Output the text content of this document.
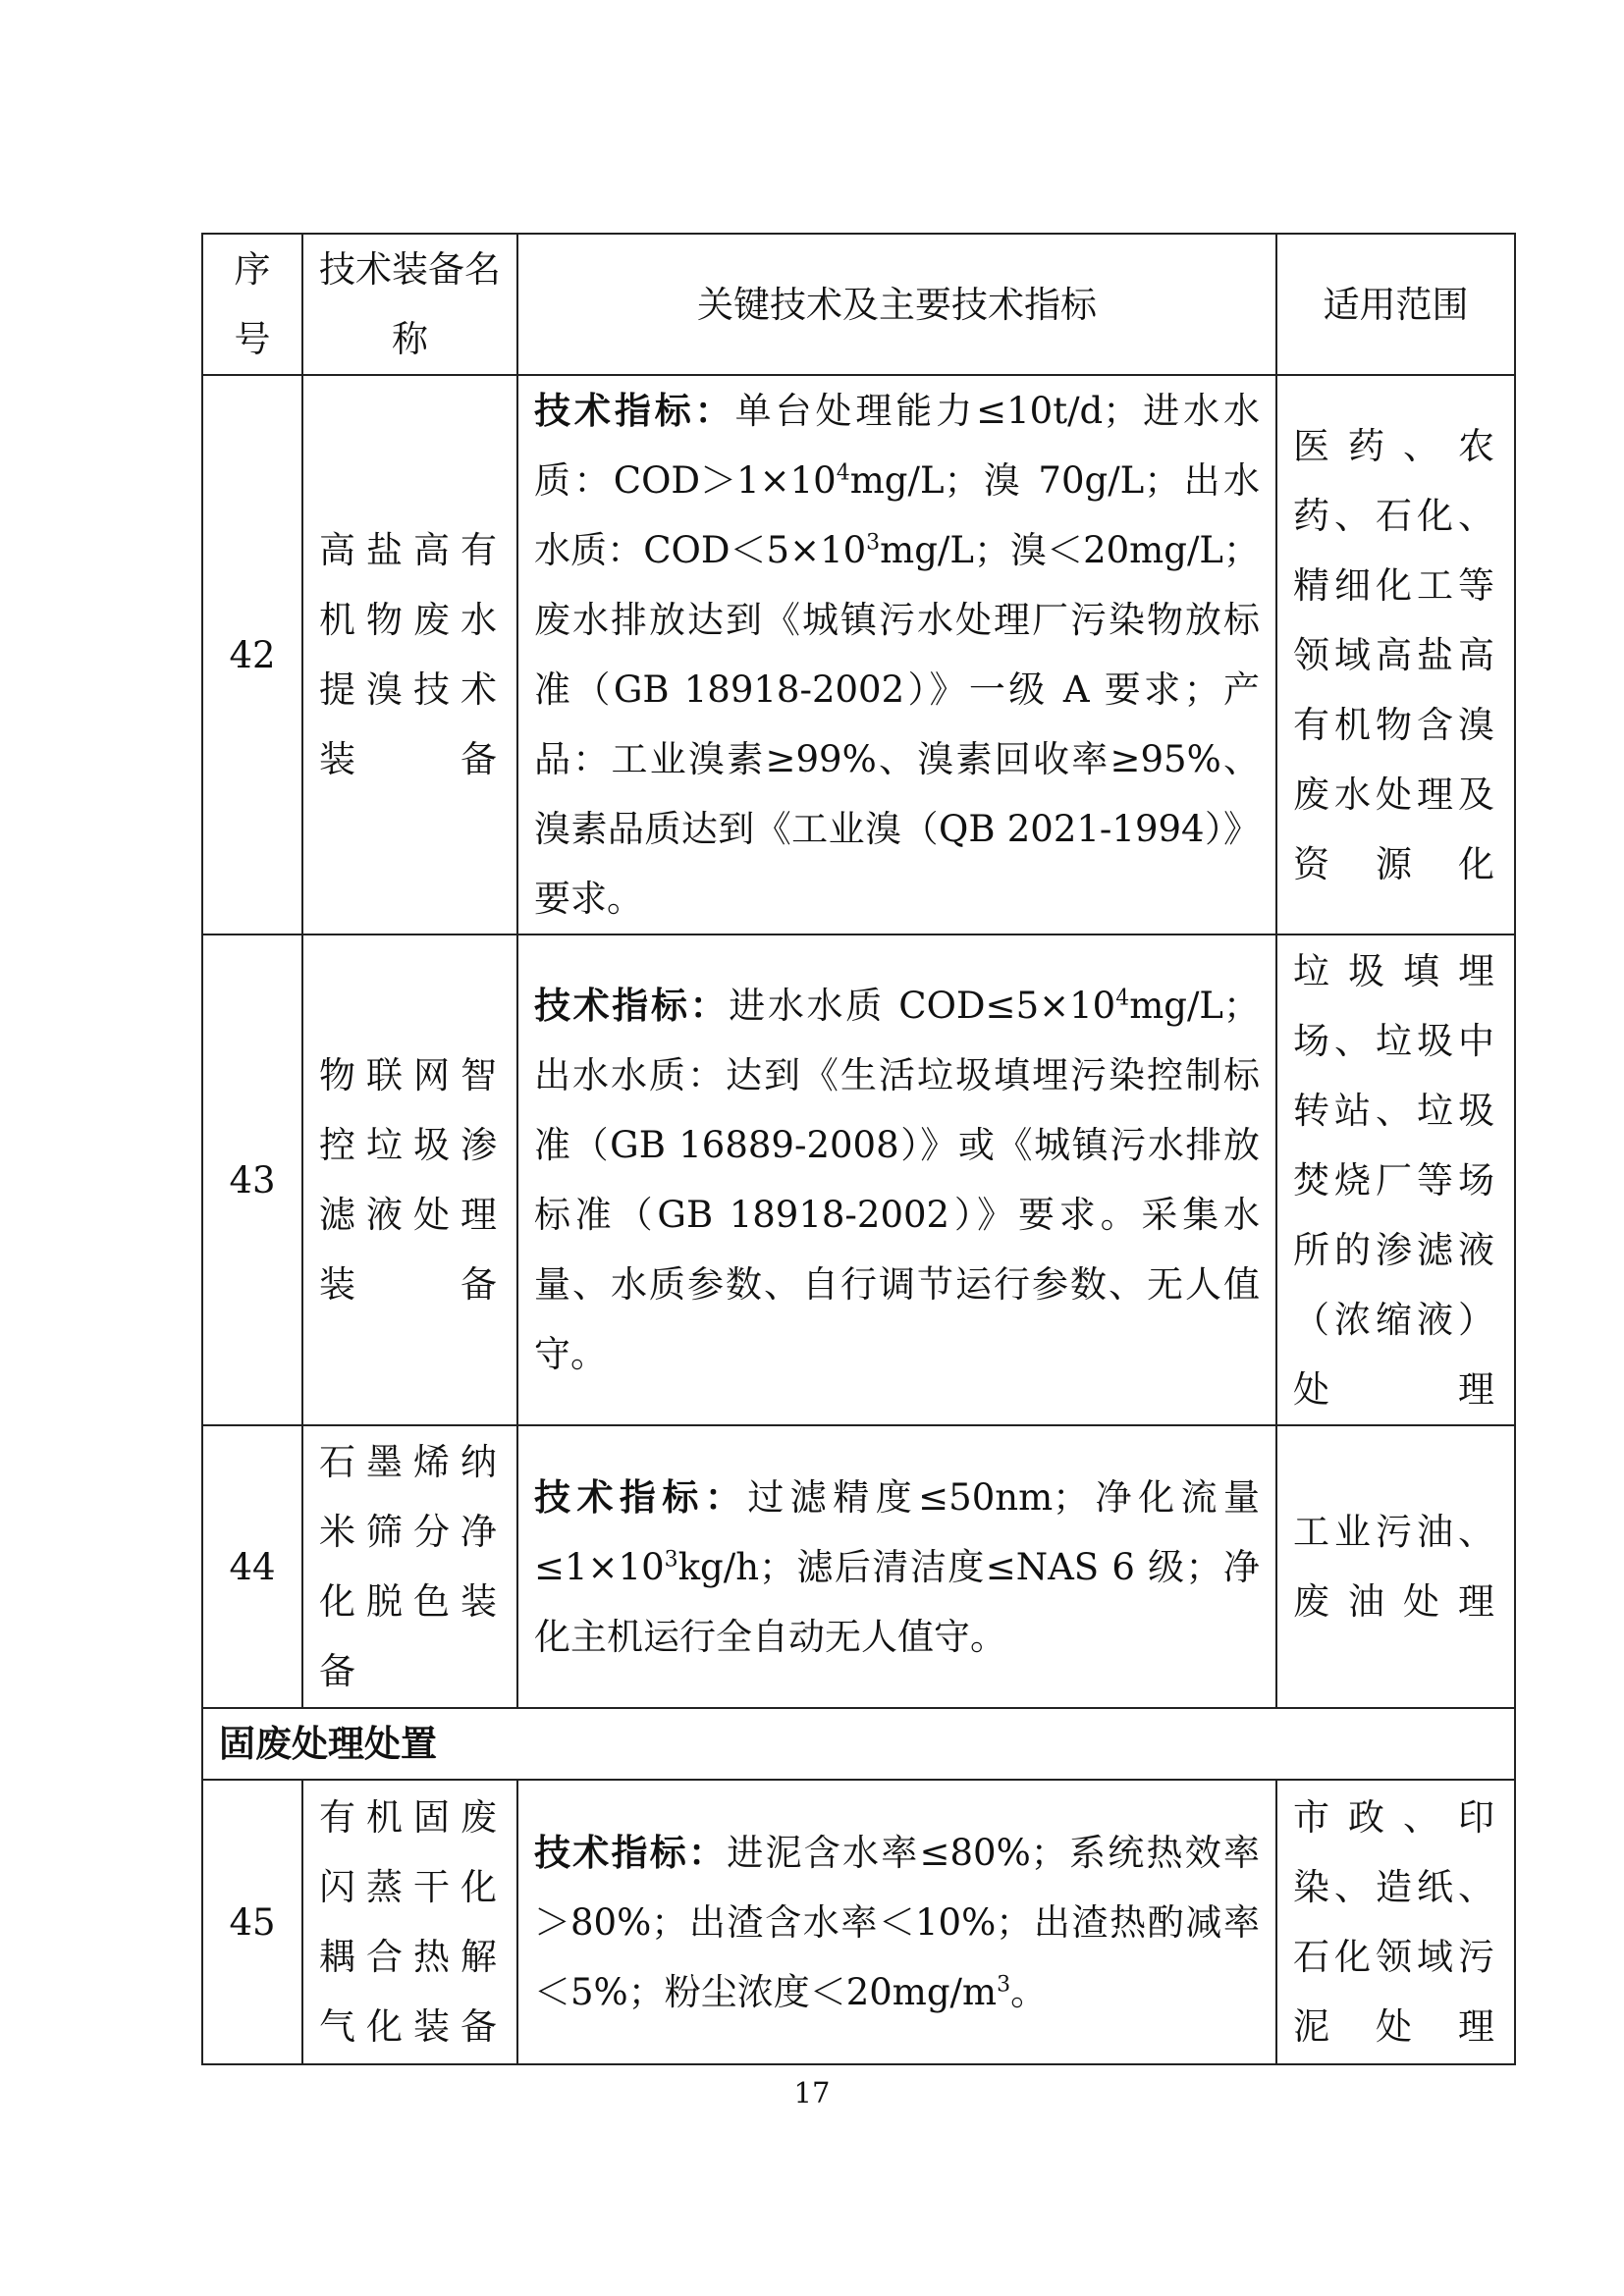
序号	技术装备名称	关键技术及主要技术指标	适用范围
42	高盐高有机物废水提溴技术装备	技术指标：单台处理能力≤10t/d；进水水质：$COD>1\times 10^4mg/L$；溴 70g/L；出水水质：$COD<5\times 10^3mg/L$；溴＜20mg/L；废水排放达到《城镇污水处理厂污染物放标准（GB 18918-2002）》一级 A 要求；产品：工业溴素≥99%、溴素回收率≥95%、溴素品质达到《工业溴（QB 2021-1994）》要求。	医药、农药、石化、精细化工等领域高盐高有机物含溴废水处理及资源化
43	物联网智控垃圾渗滤液处理装备	技术指标：进水水质 $COD\le 5\times 10^4mg/L$；出水水质：达到《生活垃圾填埋污染控制标准（GB 16889-2008）》或《城镇污水排放标准（GB 18918-2002）》要求。采集水量、水质参数、自行调节运行参数、无人值守。	垃圾填埋场、垃圾中转站、垃圾焚烧厂等场所的渗滤液（浓缩液）处理
44	石墨烯纳米筛分净化脱色装备	技术指标：过滤精度≤50nm；净化流量$\le 1\times 10^3kg/h$；滤后清洁度≤NAS 6 级；净化主机运行全自动无人值守。	工业污油、废油处理
固废处理处置			
45	有机固废闪蒸干化耦合热解气化装备	技术指标：进泥含水率≤80%；系统热效率＞80%；出渣含水率＜10%；出渣热酌减率＜5%；粉尘浓度$<20mg/m^3$。	市政、印染、造纸、石化领域污泥处理
17
